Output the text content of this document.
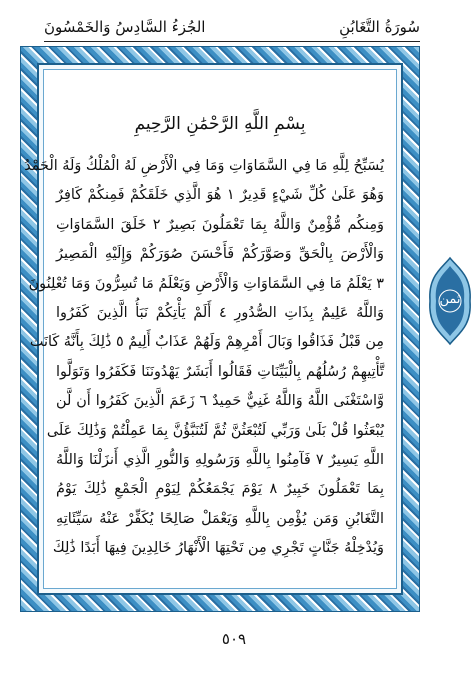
سُورَةُ التَّغَابُنِ
الجُزءُ السَّادِسُ وَالخَمْسُونَ
بِسْمِ اللَّهِ الرَّحْمَٰنِ الرَّحِيمِ
يُسَبِّحُ لِلَّهِ مَا فِي السَّمَاوَاتِ وَمَا فِي الْأَرْضِ لَهُ الْمُلْكُ وَلَهُ الْحَمْدُ
وَهُوَ عَلَىٰ كُلِّ شَيْءٍ قَدِيرٌ ١ هُوَ الَّذِي خَلَقَكُمْ فَمِنكُمْ كَافِرٌ
وَمِنكُم مُّؤْمِنٌ وَاللَّهُ بِمَا تَعْمَلُونَ بَصِيرٌ ٢ خَلَقَ السَّمَاوَاتِ
وَالْأَرْضَ بِالْحَقِّ وَصَوَّرَكُمْ فَأَحْسَنَ صُوَرَكُمْ وَإِلَيْهِ الْمَصِيرُ
٣ يَعْلَمُ مَا فِي السَّمَاوَاتِ وَالْأَرْضِ وَيَعْلَمُ مَا تُسِرُّونَ وَمَا تُعْلِنُونَ
وَاللَّهُ عَلِيمٌ بِذَاتِ الصُّدُورِ ٤ أَلَمْ يَأْتِكُمْ نَبَأُ الَّذِينَ كَفَرُوا
مِن قَبْلُ فَذَاقُوا وَبَالَ أَمْرِهِمْ وَلَهُمْ عَذَابٌ أَلِيمٌ ٥ ذَٰلِكَ بِأَنَّهُ كَانَت
تَّأْتِيهِمْ رُسُلُهُم بِالْبَيِّنَاتِ فَقَالُوا أَبَشَرٌ يَهْدُونَنَا فَكَفَرُوا وَتَوَلَّوا
وَّاسْتَغْنَى اللَّهُ وَاللَّهُ غَنِيٌّ حَمِيدٌ ٦ زَعَمَ الَّذِينَ كَفَرُوا أَن لَّن
يُبْعَثُوا قُلْ بَلَىٰ وَرَبِّي لَتُبْعَثُنَّ ثُمَّ لَتُنَبَّؤُنَّ بِمَا عَمِلْتُمْ وَذَٰلِكَ عَلَى
اللَّهِ يَسِيرٌ ٧ فَآمِنُوا بِاللَّهِ وَرَسُولِهِ وَالنُّورِ الَّذِي أَنزَلْنَا وَاللَّهُ
بِمَا تَعْمَلُونَ خَبِيرٌ ٨ يَوْمَ يَجْمَعُكُمْ لِيَوْمِ الْجَمْعِ ذَٰلِكَ يَوْمُ
التَّغَابُنِ وَمَن يُؤْمِن بِاللَّهِ وَيَعْمَلْ صَالِحًا يُكَفِّرْ عَنْهُ سَيِّئَاتِهِ
وَيُدْخِلْهُ جَنَّاتٍ تَجْرِي مِن تَحْتِهَا الْأَنْهَارُ خَالِدِينَ فِيهَا أَبَدًا ذَٰلِكَ
ثمن
٥٠٩
